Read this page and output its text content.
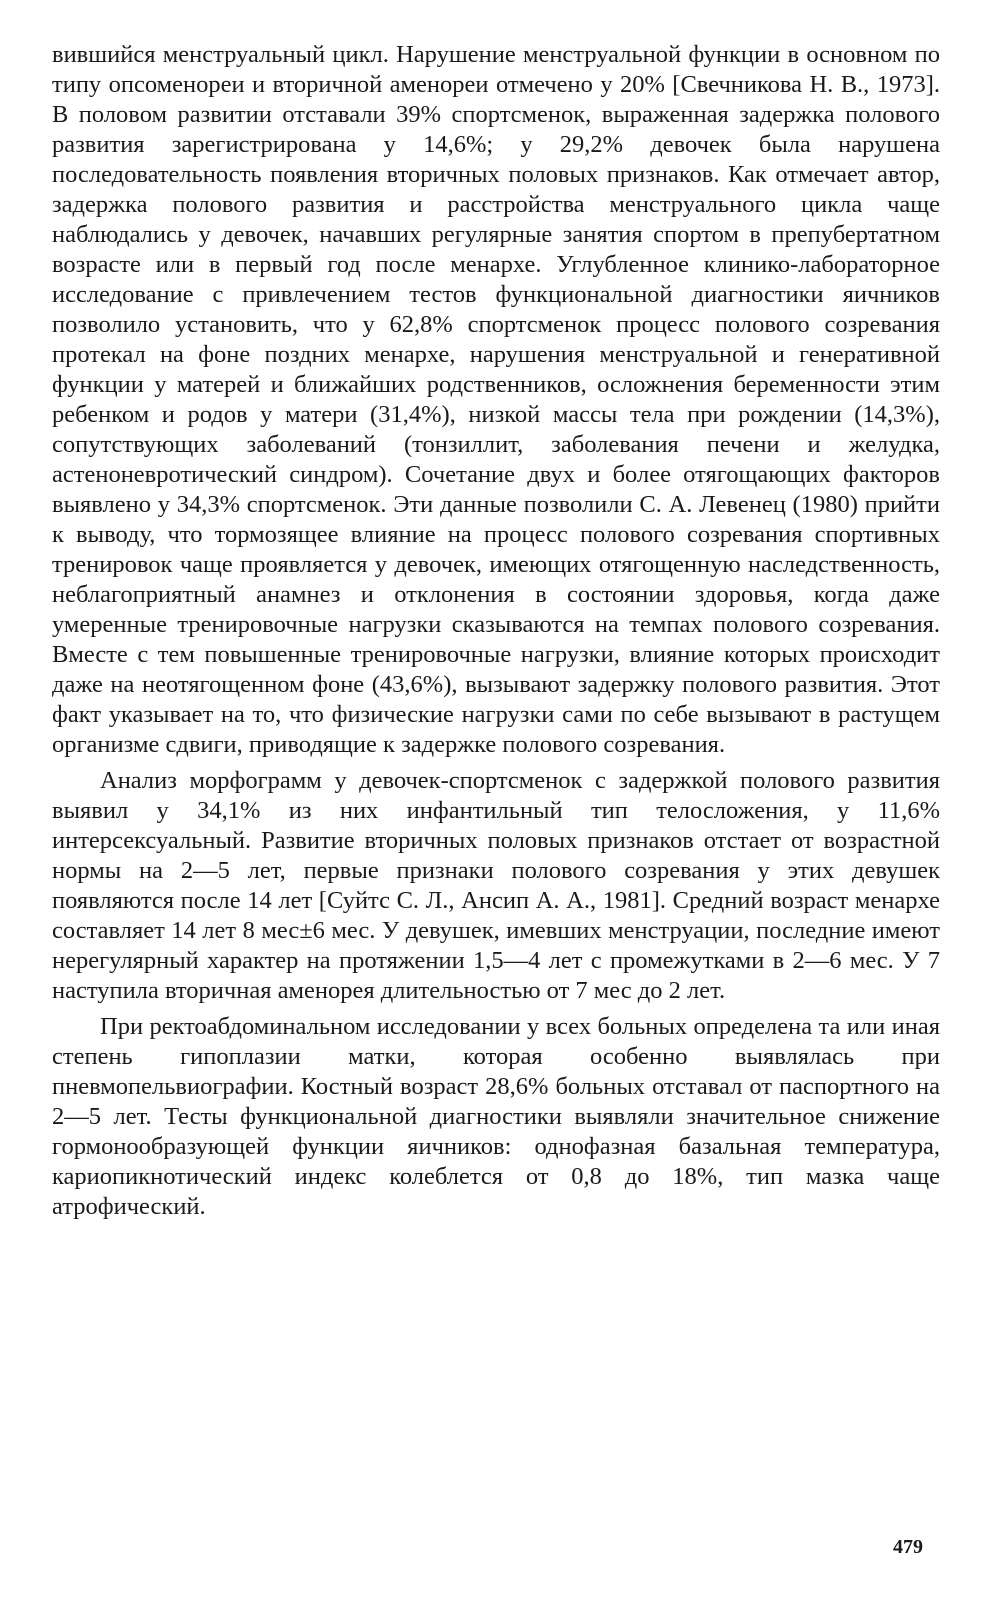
вившийся менструальный цикл. Нарушение менструальной функции в основном по типу опсоменореи и вторичной аменореи отмечено у 20% [Свечникова Н. В., 1973]. В половом развитии отставали 39% спортсменок, выраженная задержка полового развития зарегистрирована у 14,6%; у 29,2% девочек была нарушена последовательность появления вторичных половых признаков. Как отмечает автор, задержка полового развития и расстройства менструального цикла чаще наблюдались у девочек, начавших регулярные занятия спортом в препубертатном возрасте или в первый год после менархе. Углубленное клинико-лабораторное исследование с привлечением тестов функциональной диагностики яичников позволило установить, что у 62,8% спортсменок процесс полового созревания протекал на фоне поздних менархе, нарушения менструальной и генеративной функции у матерей и ближайших родственников, осложнения беременности этим ребенком и родов у матери (31,4%), низкой массы тела при рождении (14,3%), сопутствующих заболеваний (тонзиллит, заболевания печени и желудка, астеноневротический синдром). Сочетание двух и более отягощающих факторов выявлено у 34,3% спортсменок. Эти данные позволили С. А. Левенец (1980) прийти к выводу, что тормозящее влияние на процесс полового созревания спортивных тренировок чаще проявляется у девочек, имеющих отягощенную наследственность, неблагоприятный анамнез и отклонения в состоянии здоровья, когда даже умеренные тренировочные нагрузки сказываются на темпах полового созревания. Вместе с тем повышенные тренировочные нагрузки, влияние которых происходит даже на неотягощенном фоне (43,6%), вызывают задержку полового развития. Этот факт указывает на то, что физические нагрузки сами по себе вызывают в растущем организме сдвиги, приводящие к задержке полового созревания.

Анализ морфограмм у девочек-спортсменок с задержкой полового развития выявил у 34,1% из них инфантильный тип телосложения, у 11,6% интерсексуальный. Развитие вторичных половых признаков отстает от возрастной нормы на 2—5 лет, первые признаки полового созревания у этих девушек появляются после 14 лет [Суйтс С. Л., Ансип А. А., 1981]. Средний возраст менархе составляет 14 лет 8 мес±6 мес. У девушек, имевших менструации, последние имеют нерегулярный характер на протяжении 1,5—4 лет с промежутками в 2—6 мес. У 7 наступила вторичная аменорея длительностью от 7 мес до 2 лет.

При ректоабдоминальном исследовании у всех больных определена та или иная степень гипоплазии матки, которая особенно выявлялась при пневмопельвиографии. Костный возраст 28,6% больных отставал от паспортного на 2—5 лет. Тесты функциональной диагностики выявляли значительное снижение гормонообразующей функции яичников: однофазная базальная температура, кариопикнотический индекс колеблется от 0,8 до 18%, тип мазка чаще атрофический.

479
